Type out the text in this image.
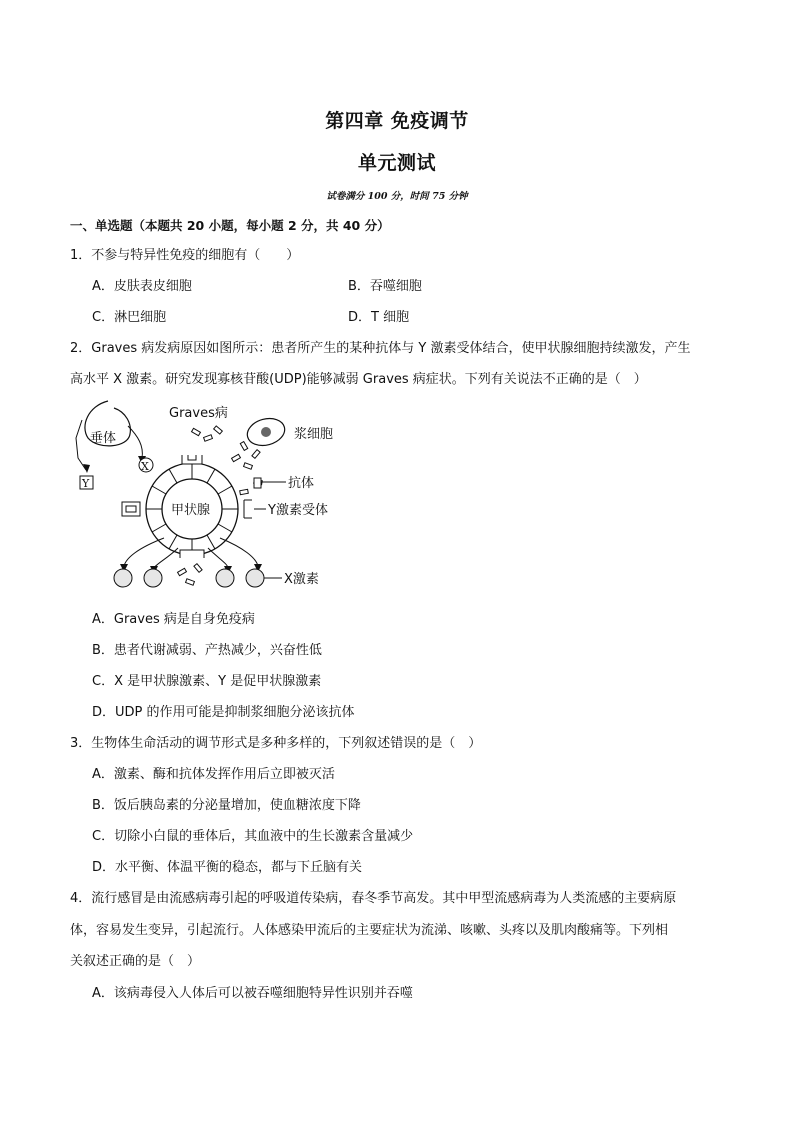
第四章 免疫调节
单元测试
试卷满分 100 分，时间 75 分钟
一、单选题（本题共 20 小题，每小题 2 分，共 40 分）
1．不参与特异性免疫的细胞有（　　）
A．皮肤表皮细胞	B．吞噬细胞
C．淋巴细胞	D．T 细胞
2．Graves 病发病原因如图所示：患者所产生的某种抗体与 Y 激素受体结合，使甲状腺细胞持续激发，产生
高水平 X 激素。研究发现寡核苷酸(UDP)能够减弱 Graves 病症状。下列有关说法不正确的是（　）
垂体
X
Y
Graves病
浆细胞
抗体
甲状腺	Y激素受体
X激素
A．Graves 病是自身免疫病
B．患者代谢减弱、产热减少，兴奋性低
C．X 是甲状腺激素、Y 是促甲状腺激素
D．UDP 的作用可能是抑制浆细胞分泌该抗体
3．生物体生命活动的调节形式是多种多样的，下列叙述错误的是（　）
A．激素、酶和抗体发挥作用后立即被灭活
B．饭后胰岛素的分泌量增加，使血糖浓度下降
C．切除小白鼠的垂体后，其血液中的生长激素含量减少
D．水平衡、体温平衡的稳态，都与下丘脑有关
4．流行感冒是由流感病毒引起的呼吸道传染病，春冬季节高发。其中甲型流感病毒为人类流感的主要病原
体，容易发生变异，引起流行。人体感染甲流后的主要症状为流涕、咳嗽、头疼以及肌肉酸痛等。下列相
关叙述正确的是（　）
A．该病毒侵入人体后可以被吞噬细胞特异性识别并吞噬
